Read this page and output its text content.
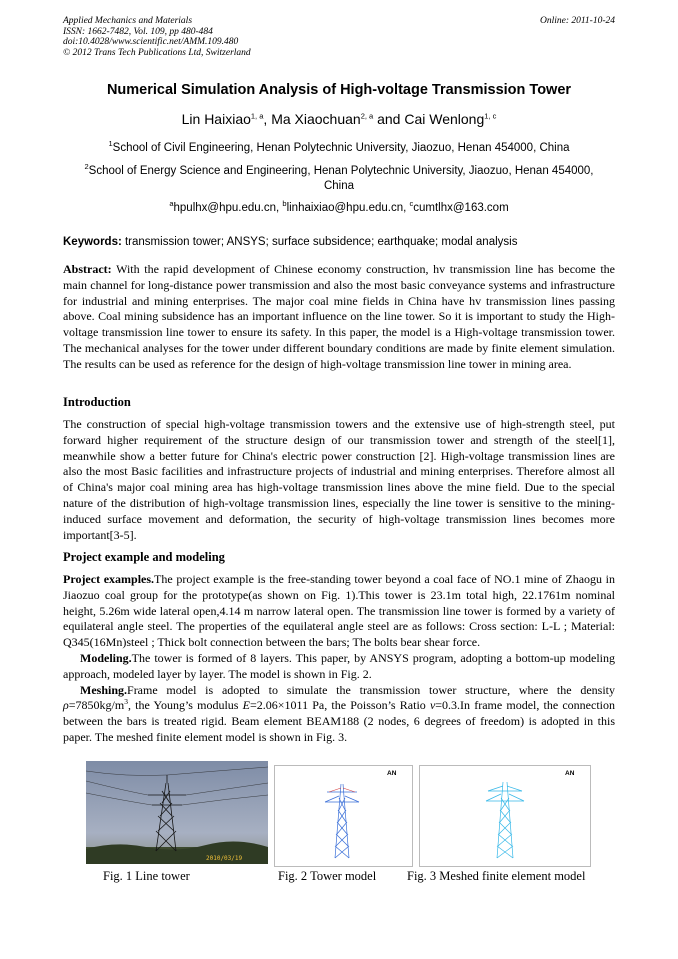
Applied Mechanics and Materials
ISSN: 1662-7482, Vol. 109, pp 480-484
doi:10.4028/www.scientific.net/AMM.109.480
© 2012 Trans Tech Publications Ltd, Switzerland
Online: 2011-10-24
Numerical Simulation Analysis of High-voltage Transmission Tower
Lin Haixiao$^{1, a}$, Ma Xiaochuan$^{2, a}$ and Cai Wenlong$^{1, c}$
$^1$School of Civil Engineering, Henan Polytechnic University, Jiaozuo, Henan 454000, China
$^2$School of Energy Science and Engineering, Henan Polytechnic University, Jiaozuo, Henan 454000, China
$^a$hpulhx@hpu.edu.cn, $^b$linhaixiao@hpu.edu.cn, $^c$cumtlhx@163.com
Keywords: transmission tower; ANSYS; surface subsidence; earthquake; modal analysis
Abstract: With the rapid development of Chinese economy construction, hv transmission line has become the main channel for long-distance power transmission and also the most basic conveyance systems and infrastructure for industrial and mining enterprises. The major coal mine fields in China have hv transmission lines passing above. Coal mining subsidence has an important influence on the line tower. So it is important to study the High-voltage transmission line tower to ensure its safety. In this paper, the model is a High-voltage transmission tower. The mechanical analyses for the tower under different boundary conditions are made by finite element simulation. The results can be used as reference for the design of high-voltage transmission line tower in mining area.
Introduction
The construction of special high-voltage transmission towers and the extensive use of high-strength steel, put forward higher requirement of the structure design of our transmission tower and strength of the steel[1], meanwhile show a better future for China's electric power construction [2]. High-voltage transmission lines are also the most Basic facilities and infrastructure projects of industrial and mining enterprises. Therefore almost all of China's major coal mining area has high-voltage transmission lines above the mine field. Due to the special nature of the distribution of high-voltage transmission lines, especially the line tower is sensitive to the mining-induced surface movement and deformation, the security of high-voltage transmission lines becomes more important[3-5].
Project example and modeling
Project examples.The project example is the free-standing tower beyond a coal face of NO.1 mine of Zhaogu in Jiaozuo coal group for the prototype(as shown on Fig. 1).This tower is 23.1m total high, 22.1761m nominal height, 5.26m wide lateral open,4.14 m narrow lateral open. The transmission line tower is formed by a variety of equilateral angle steel. The properties of the equilateral angle steel are as follows: Cross section: L-L ; Material: Q345(16Mn)steel ; Thick bolt connection between the bars; The bolts bear shear force.
Modeling.The tower is formed of 8 layers. This paper, by ANSYS program, adopting a bottom-up modeling approach, modeled layer by layer. The model is shown in Fig. 2.
Meshing.Frame model is adopted to simulate the transmission tower structure, where the density $\rho=7850kg/m^3$, the Young’s modulus E=2.06×1011 Pa, the Poisson’s Ratio ν=0.3.In frame model, the connection between the bars is treated rigid. Beam element BEAM188 (2 nodes, 6 degrees of freedom) is adopted in this paper. The meshed finite element model is shown in Fig. 3.
2010/03/19
Fig. 1 Line tower
AN
Fig. 2 Tower model
AN
Fig. 3 Meshed finite element model
